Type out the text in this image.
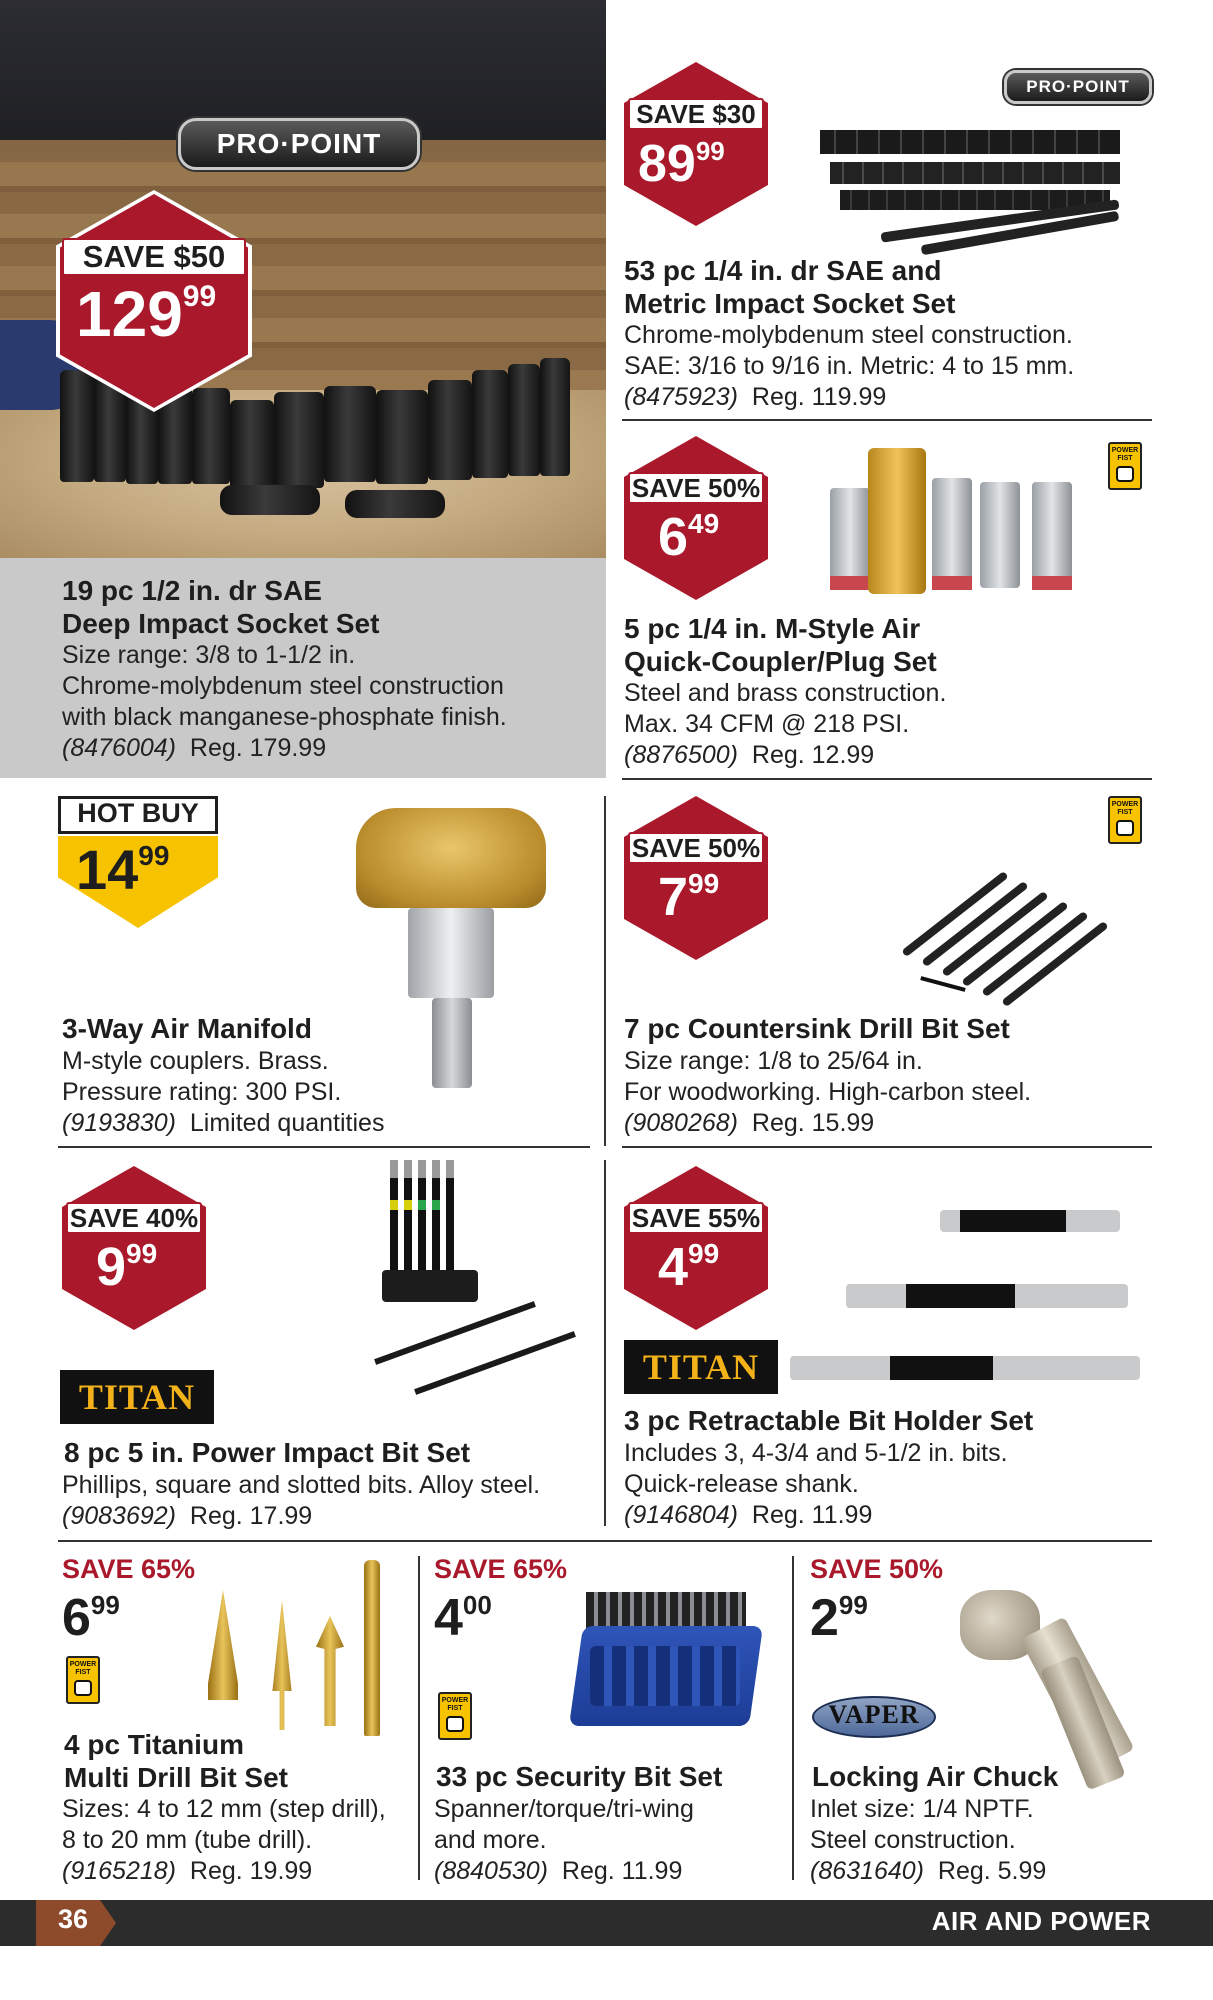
PRO·POINT
SAVE $50
12999
19 pc 1/2 in. dr SAE
Deep Impact Socket Set
Size range: 3/8 to 1-1/2 in.
Chrome-molybdenum steel construction
with black manganese-phosphate finish.
(8476004) Reg. 179.99
PRO·POINT
SAVE $30
8999
53 pc 1/4 in. dr SAE and
Metric Impact Socket Set
Chrome-molybdenum steel construction.
SAE: 3/16 to 9/16 in. Metric: 4 to 15 mm.
(8475923) Reg. 119.99
POWER FIST
SAVE 50%
649
5 pc 1/4 in. M-Style Air
Quick-Coupler/Plug Set
Steel and brass construction.
Max. 34 CFM @ 218 PSI.
(8876500) Reg. 12.99
HOT BUY
$14^{99}$
3-Way Air Manifold
M-style couplers. Brass.
Pressure rating: 300 PSI.
(9193830) Limited quantities
POWER FIST
SAVE 50%
799
7 pc Countersink Drill Bit Set
Size range: 1/8 to 25/64 in.
For woodworking. High-carbon steel.
(9080268) Reg. 15.99
SAVE 40%
999
TITAN
8 pc 5 in. Power Impact Bit Set
Phillips, square and slotted bits. Alloy steel.
(9083692) Reg. 17.99
SAVE 55%
499
TITAN
3 pc Retractable Bit Holder Set
Includes 3, 4-3/4 and 5-1/2 in. bits.
Quick-release shank.
(9146804) Reg. 11.99
SAVE 65%
$6^{99}$
POWER FIST
4 pc Titanium
Multi Drill Bit Set
Sizes: 4 to 12 mm (step drill),
8 to 20 mm (tube drill).
(9165218) Reg. 19.99
SAVE 65%
$4^{00}$
POWER FIST
33 pc Security Bit Set
Spanner/torque/tri-wing
and more.
(8840530) Reg. 11.99
SAVE 50%
$2^{99}$
VAPER
Locking Air Chuck
Inlet size: 1/4 NPTF.
Steel construction.
(8631640) Reg. 5.99
36	AIR AND POWER
